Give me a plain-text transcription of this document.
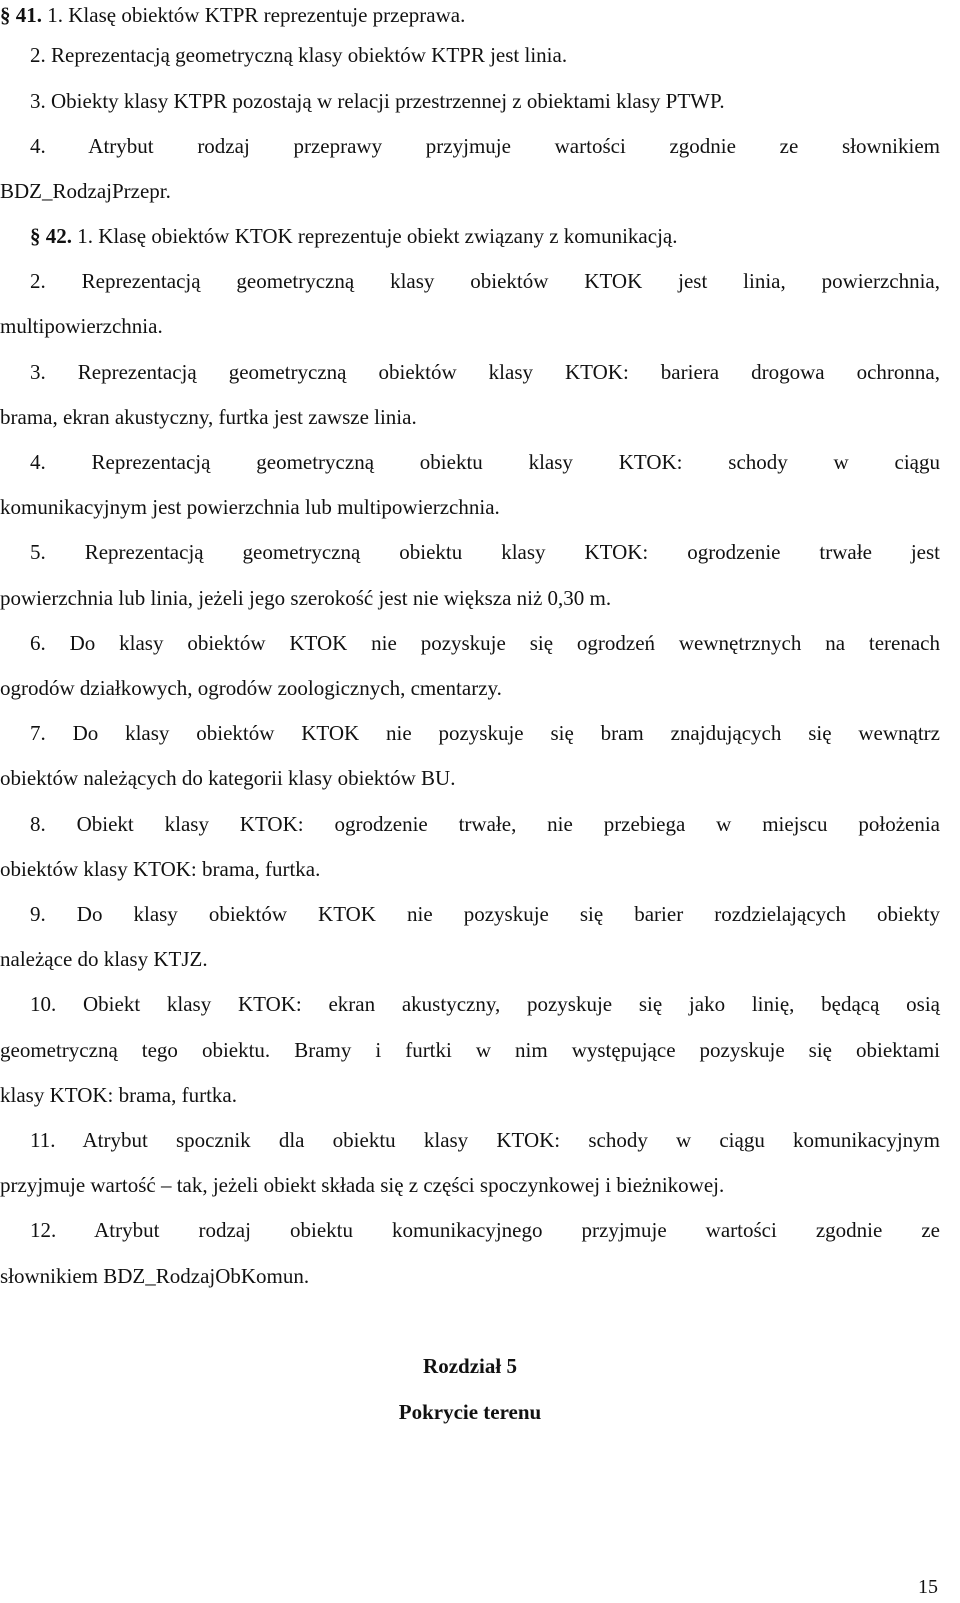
§ 41. 1. Klasę obiektów KTPR reprezentuje przeprawa.
2. Reprezentacją geometryczną klasy obiektów KTPR jest linia.
3. Obiekty klasy KTPR pozostają w relacji przestrzennej z obiektami klasy PTWP.
4. Atrybut rodzaj przeprawy przyjmuje wartości zgodnie ze słownikiem
BDZ_RodzajPrzepr.
§ 42. 1. Klasę obiektów KTOK reprezentuje obiekt związany z komunikacją.
2. Reprezentacją geometryczną klasy obiektów KTOK jest linia, powierzchnia,
multipowierzchnia.
3. Reprezentacją geometryczną obiektów klasy KTOK: bariera drogowa ochronna,
brama, ekran akustyczny, furtka jest zawsze linia.
4. Reprezentacją geometryczną obiektu klasy KTOK: schody w ciągu
komunikacyjnym jest powierzchnia lub multipowierzchnia.
5. Reprezentacją geometryczną obiektu klasy KTOK: ogrodzenie trwałe jest
powierzchnia lub linia, jeżeli jego szerokość jest nie większa niż 0,30 m.
6. Do klasy obiektów KTOK nie pozyskuje się ogrodzeń wewnętrznych na terenach
ogrodów działkowych, ogrodów zoologicznych, cmentarzy.
7. Do klasy obiektów KTOK nie pozyskuje się bram znajdujących się wewnątrz
obiektów należących do kategorii klasy obiektów BU.
8. Obiekt klasy KTOK: ogrodzenie trwałe, nie przebiega w miejscu położenia
obiektów klasy KTOK: brama, furtka.
9. Do klasy obiektów KTOK nie pozyskuje się barier rozdzielających obiekty
należące do klasy KTJZ.
10. Obiekt klasy KTOK: ekran akustyczny, pozyskuje się jako linię, będącą osią
geometryczną tego obiektu. Bramy i furtki w nim występujące pozyskuje się obiektami
klasy KTOK: brama, furtka.
11. Atrybut spocznik dla obiektu klasy KTOK: schody w ciągu komunikacyjnym
przyjmuje wartość – tak, jeżeli obiekt składa się z części spoczynkowej i bieżnikowej.
12. Atrybut rodzaj obiektu komunikacyjnego przyjmuje wartości zgodnie ze
słownikiem BDZ_RodzajObKomun.
Rozdział 5
Pokrycie terenu
15
